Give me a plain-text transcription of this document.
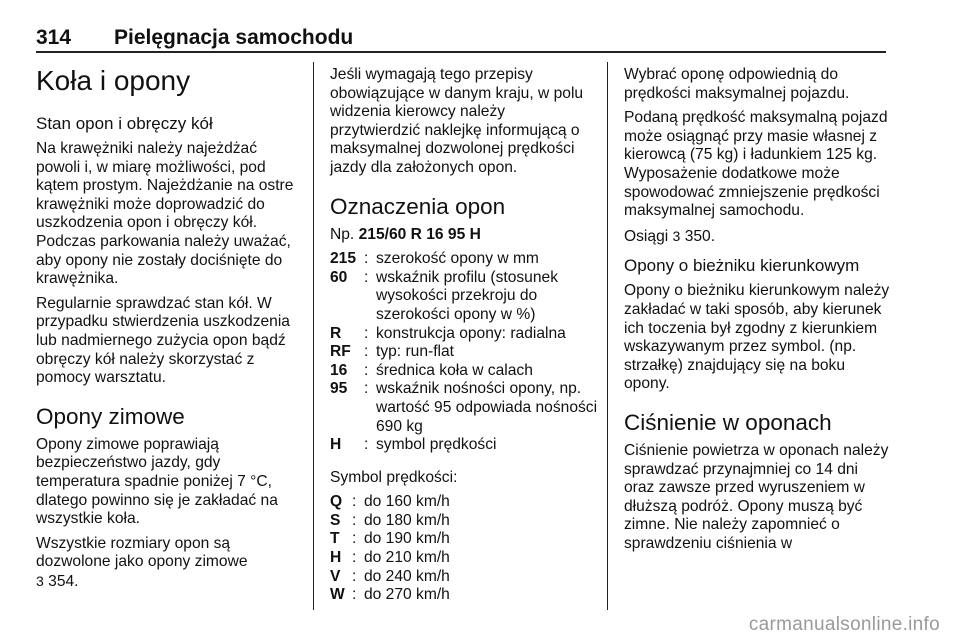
314 Pielęgnacja samochodu
Koła i opony
Stan opon i obręczy kół

Na krawężniki należy najeżdżać powoli i, w miarę możliwości, pod kątem prostym. Najeżdżanie na ostre krawężniki może doprowadzić do uszkodzenia opon i obręczy kół. Podczas parkowania należy uważać, aby opony nie zostały dociśnięte do krawężnika.

Regularnie sprawdzać stan kół. W przypadku stwierdzenia uszkodzenia lub nadmiernego zużycia opon bądź obręczy kół należy skorzystać z pomocy warsztatu.

Opony zimowe

Opony zimowe poprawiają bezpieczeństwo jazdy, gdy temperatura spadnie poniżej 7 °C, dlatego powinno się je zakładać na wszystkie koła.

Wszystkie rozmiary opon są dozwolone jako opony zimowe
3 354.

Jeśli wymagają tego przepisy obowiązujące w danym kraju, w polu widzenia kierowcy należy przytwierdzić naklejkę informującą o maksymalnej dozwolonej prędkości jazdy dla założonych opon.

Oznaczenia opon

Np. 215/60 R 16 95 H

215 : szerokość opony w mm
60	: wskaźnik profilu (stosunek wysokości przekroju do szerokości opony w %)
R	: konstrukcja opony: radialna
RF : typ: run-flat
16	: średnica koła w calach
95	: wskaźnik nośności opony, np. wartość 95 odpowiada nośności 690 kg
H	: symbol prędkości

Symbol prędkości:

Q : do 160 km/h
S : do 180 km/h
T : do 190 km/h
H : do 210 km/h
V : do 240 km/h
W : do 270 km/h

Wybrać oponę odpowiednią do prędkości maksymalnej pojazdu.

Podaną prędkość maksymalną pojazd może osiągnąć przy masie własnej z kierowcą (75 kg) i ładunkiem 125 kg. Wyposażenie dodatkowe może spowodować zmniejszenie prędkości maksymalnej samochodu.

Osiągi 3 350.

Opony o bieżniku kierunkowym

Opony o bieżniku kierunkowym należy zakładać w taki sposób, aby kierunek ich toczenia był zgodny z kierunkiem wskazywanym przez symbol. (np. strzałkę) znajdujący się na boku opony.

Ciśnienie w oponach

Ciśnienie powietrza w oponach należy sprawdzać przynajmniej co 14 dni oraz zawsze przed wyruszeniem w dłuższą podróż. Opony muszą być zimne. Nie należy zapomnieć o sprawdzeniu ciśnienia w

carmanualsonline.info
